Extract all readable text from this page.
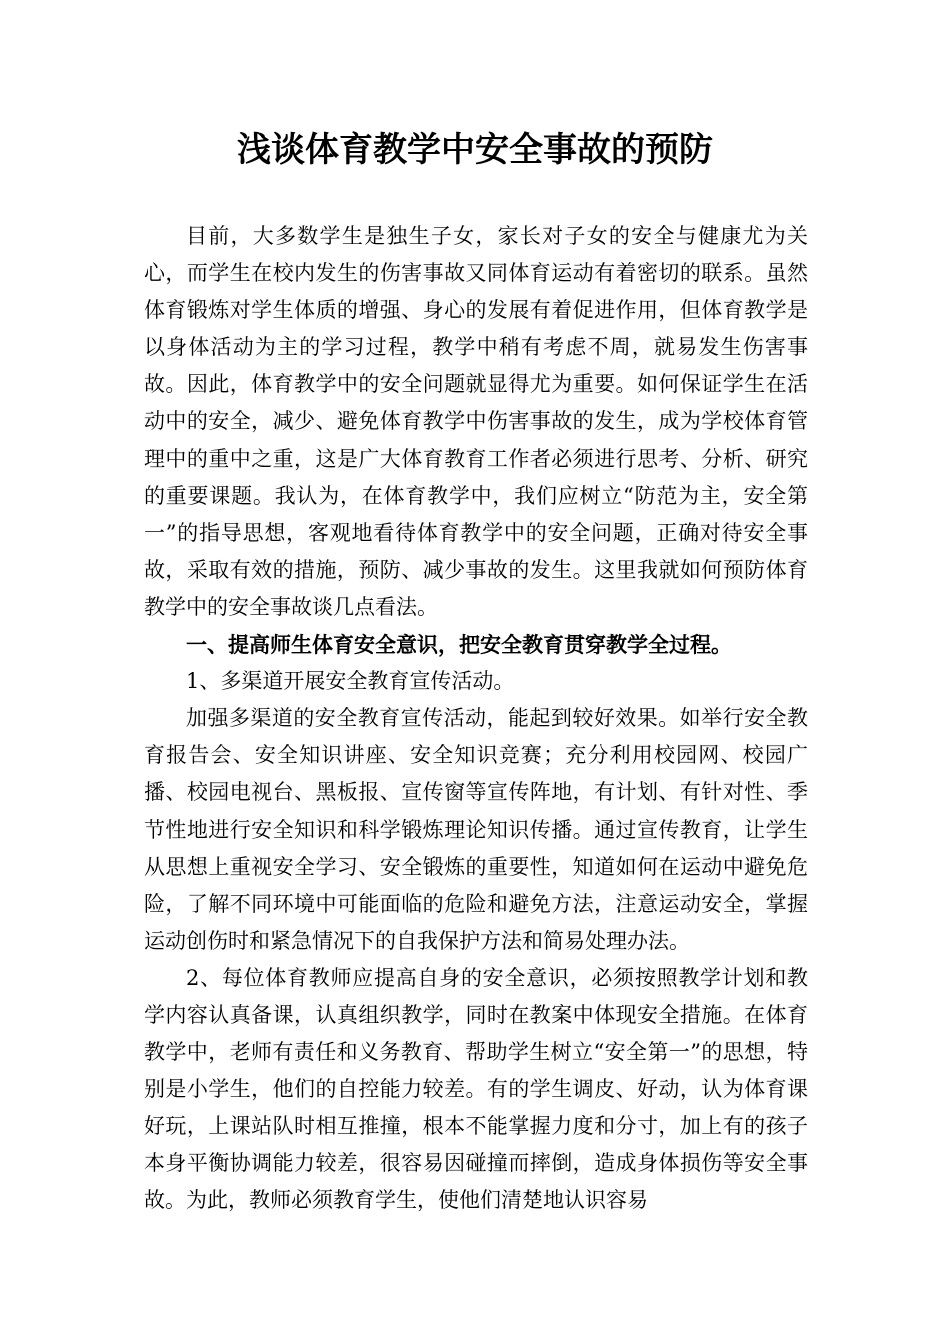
浅谈体育教学中安全事故的预防

目前，大多数学生是独生子女，家长对子女的安全与健康尤为关心，而学生在校内发生的伤害事故又同体育运动有着密切的联系。虽然体育锻炼对学生体质的增强、身心的发展有着促进作用，但体育教学是以身体活动为主的学习过程，教学中稍有考虑不周，就易发生伤害事故。因此，体育教学中的安全问题就显得尤为重要。如何保证学生在活动中的安全，减少、避免体育教学中伤害事故的发生，成为学校体育管理中的重中之重，这是广大体育教育工作者必须进行思考、分析、研究的重要课题。我认为，在体育教学中，我们应树立“防范为主，安全第一”的指导思想，客观地看待体育教学中的安全问题，正确对待安全事故，采取有效的措施，预防、减少事故的发生。这里我就如何预防体育教学中的安全事故谈几点看法。

一、提高师生体育安全意识，把安全教育贯穿教学全过程。

1、多渠道开展安全教育宣传活动。

加强多渠道的安全教育宣传活动，能起到较好效果。如举行安全教育报告会、安全知识讲座、安全知识竞赛；充分利用校园网、校园广播、校园电视台、黑板报、宣传窗等宣传阵地，有计划、有针对性、季节性地进行安全知识和科学锻炼理论知识传播。通过宣传教育，让学生从思想上重视安全学习、安全锻炼的重要性，知道如何在运动中避免危险，了解不同环境中可能面临的危险和避免方法，注意运动安全，掌握运动创伤时和紧急情况下的自我保护方法和简易处理办法。

2、每位体育教师应提高自身的安全意识，必须按照教学计划和教学内容认真备课，认真组织教学，同时在教案中体现安全措施。在体育教学中，老师有责任和义务教育、帮助学生树立“安全第一”的思想，特别是小学生，他们的自控能力较差。有的学生调皮、好动，认为体育课好玩，上课站队时相互推撞，根本不能掌握力度和分寸，加上有的孩子本身平衡协调能力较差，很容易因碰撞而摔倒，造成身体损伤等安全事故。为此，教师必须教育学生，使他们清楚地认识容易
